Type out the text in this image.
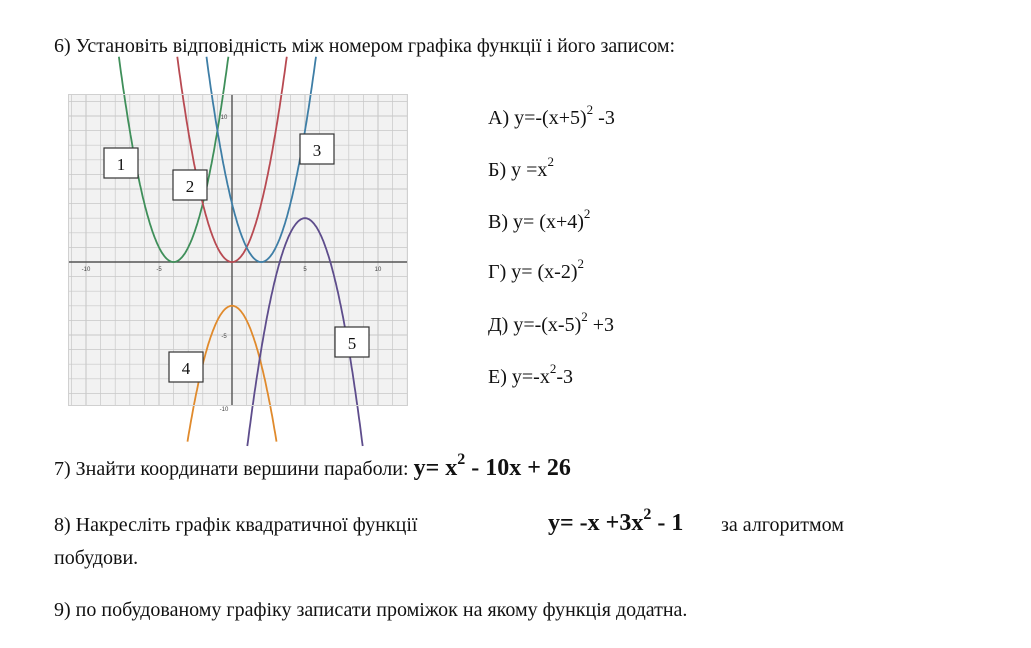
6) Установіть відповідність між номером графіка функції і його записом:
-10	-5	5	10
10
-5
-10
1
2
3
4
5
А) $y=-(x+5)^2$ -3
Б) $y =x^2$
В) $y= (x+4)^2$
Г) $y= (x-2)^2$
Д) $y=-(x-5)^2 +3$
Е) $y=-x^2-3$
7) Знайти координати вершини параболи: $y= x^2 - 10x + 26$
8) Накресліть графік квадратичної функції	$y= -x +3x^2 - 1$ за алгоритмом
побудови.
9) по побудованому графіку записати проміжок на якому функція додатна.
